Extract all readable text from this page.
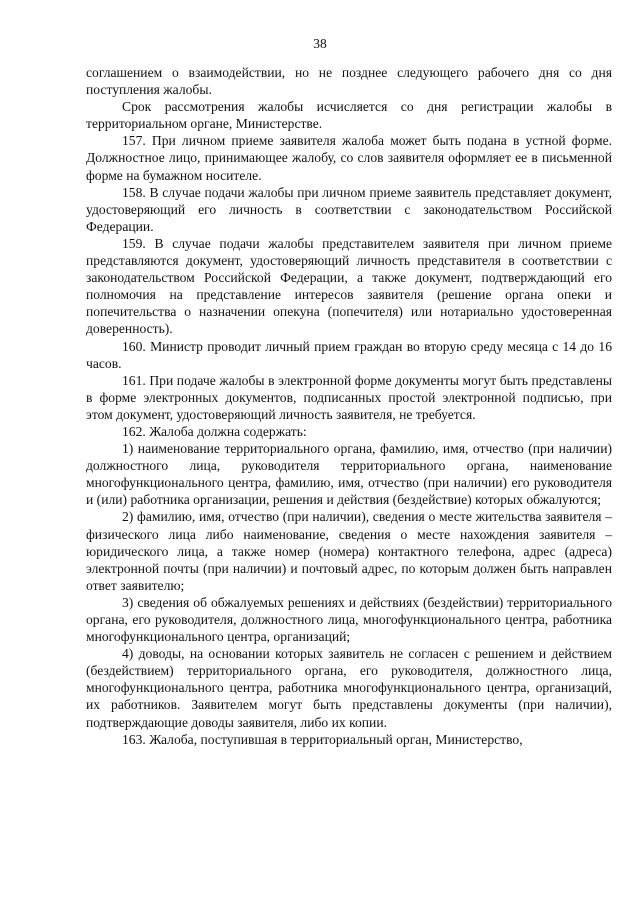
38

соглашением о взаимодействии, но не позднее следующего рабочего дня со дня поступления жалобы.

Срок рассмотрения жалобы исчисляется со дня регистрации жалобы в территориальном органе, Министерстве.

157. При личном приеме заявителя жалоба может быть подана в устной форме. Должностное лицо, принимающее жалобу, со слов заявителя оформляет ее в письменной форме на бумажном носителе.

158. В случае подачи жалобы при личном приеме заявитель представляет документ, удостоверяющий его личность в соответствии с законодательством Российской Федерации.

159. В случае подачи жалобы представителем заявителя при личном приеме представляются документ, удостоверяющий личность представителя в соответствии с законодательством Российской Федерации, а также документ, подтверждающий его полномочия на представление интересов заявителя (решение органа опеки и попечительства о назначении опекуна (попечителя) или нотариально удостоверенная доверенность).

160. Министр проводит личный прием граждан во вторую среду месяца с 14 до 16 часов.

161. При подаче жалобы в электронной форме документы могут быть представлены в форме электронных документов, подписанных простой электронной подписью, при этом документ, удостоверяющий личность заявителя, не требуется.

162. Жалоба должна содержать:

1) наименование территориального органа, фамилию, имя, отчество (при наличии) должностного лица, руководителя территориального органа, наименование многофункционального центра, фамилию, имя, отчество (при наличии) его руководителя и (или) работника организации, решения и действия (бездействие) которых обжалуются;

2) фамилию, имя, отчество (при наличии), сведения о месте жительства заявителя – физического лица либо наименование, сведения о месте нахождения заявителя – юридического лица, а также номер (номера) контактного телефона, адрес (адреса) электронной почты (при наличии) и почтовый адрес, по которым должен быть направлен ответ заявителю;

3) сведения об обжалуемых решениях и действиях (бездействии) территориального органа, его руководителя, должностного лица, многофункционального центра, работника многофункционального центра, организаций;

4) доводы, на основании которых заявитель не согласен с решением и действием (бездействием) территориального органа, его руководителя, должностного лица, многофункционального центра, работника многофункционального центра, организаций, их работников. Заявителем могут быть представлены документы (при наличии), подтверждающие доводы заявителя, либо их копии.

163. Жалоба, поступившая в территориальный орган, Министерство,
